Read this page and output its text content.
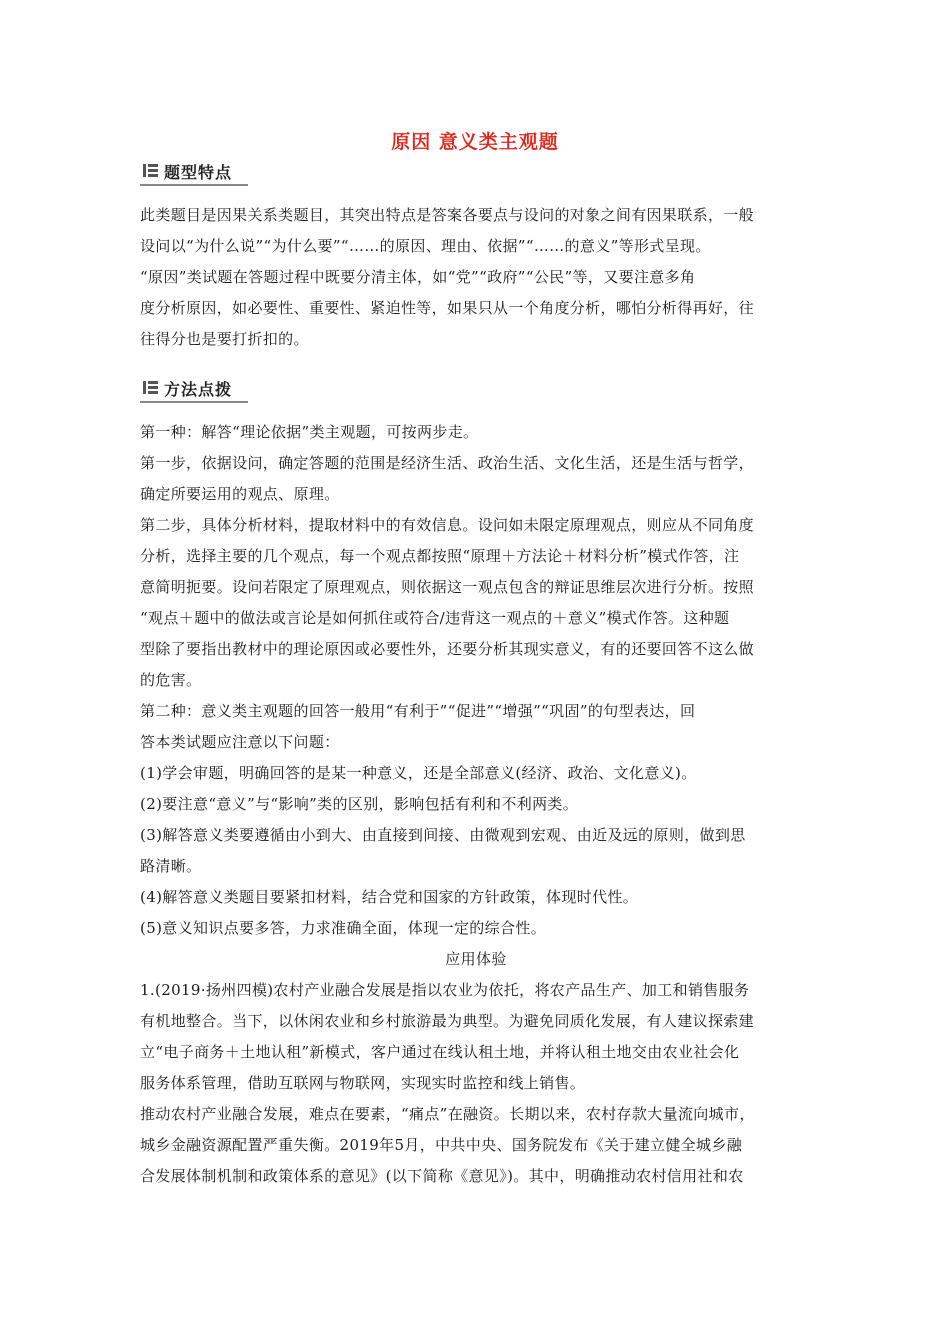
原因 意义类主观题
题型特点

此类题目是因果关系类题目，其突出特点是答案各要点与设问的对象之间有因果联系，一般

设问以“为什么说”“为什么要”“……的原因、理由、依据”“……的意义”等形式呈现。

“原因”类试题在答题过程中既要分清主体，如“党”“政府”“公民”等，又要注意多角

度分析原因，如必要性、重要性、紧迫性等，如果只从一个角度分析，哪怕分析得再好，往

往得分也是要打折扣的。

方法点拨

第一种：解答“理论依据”类主观题，可按两步走。

第一步，依据设问，确定答题的范围是经济生活、政治生活、文化生活，还是生活与哲学，

确定所要运用的观点、原理。

第二步，具体分析材料，提取材料中的有效信息。设问如未限定原理观点，则应从不同角度

分析，选择主要的几个观点，每一个观点都按照“原理＋方法论＋材料分析”模式作答，注

意简明扼要。设问若限定了原理观点，则依据这一观点包含的辩证思维层次进行分析。按照

“观点＋题中的做法或言论是如何抓住或符合/违背这一观点的＋意义”模式作答。这种题

型除了要指出教材中的理论原因或必要性外，还要分析其现实意义，有的还要回答不这么做

的危害。

第二种：意义类主观题的回答一般用“有利于”“促进”“增强”“巩固”的句型表达，回

答本类试题应注意以下问题：

(1)学会审题，明确回答的是某一种意义，还是全部意义(经济、政治、文化意义)。

(2)要注意“意义”与“影响”类的区别，影响包括有利和不利两类。

(3)解答意义类要遵循由小到大、由直接到间接、由微观到宏观、由近及远的原则，做到思

路清晰。

(4)解答意义类题目要紧扣材料，结合党和国家的方针政策，体现时代性。

(5)意义知识点要多答，力求准确全面，体现一定的综合性。

应用体验

1.(2019·扬州四模)农村产业融合发展是指以农业为依托，将农产品生产、加工和销售服务

有机地整合。当下，以休闲农业和乡村旅游最为典型。为避免同质化发展，有人建议探索建

立“电子商务＋土地认租”新模式，客户通过在线认租土地，并将认租土地交由农业社会化

服务体系管理，借助互联网与物联网，实现实时监控和线上销售。

推动农村产业融合发展，难点在要素，“痛点”在融资。长期以来，农村存款大量流向城市，

城乡金融资源配置严重失衡。2019年5月，中共中央、国务院发布《关于建立健全城乡融

合发展体制机制和政策体系的意见》(以下简称《意见》)。其中，明确推动农村信用社和农
